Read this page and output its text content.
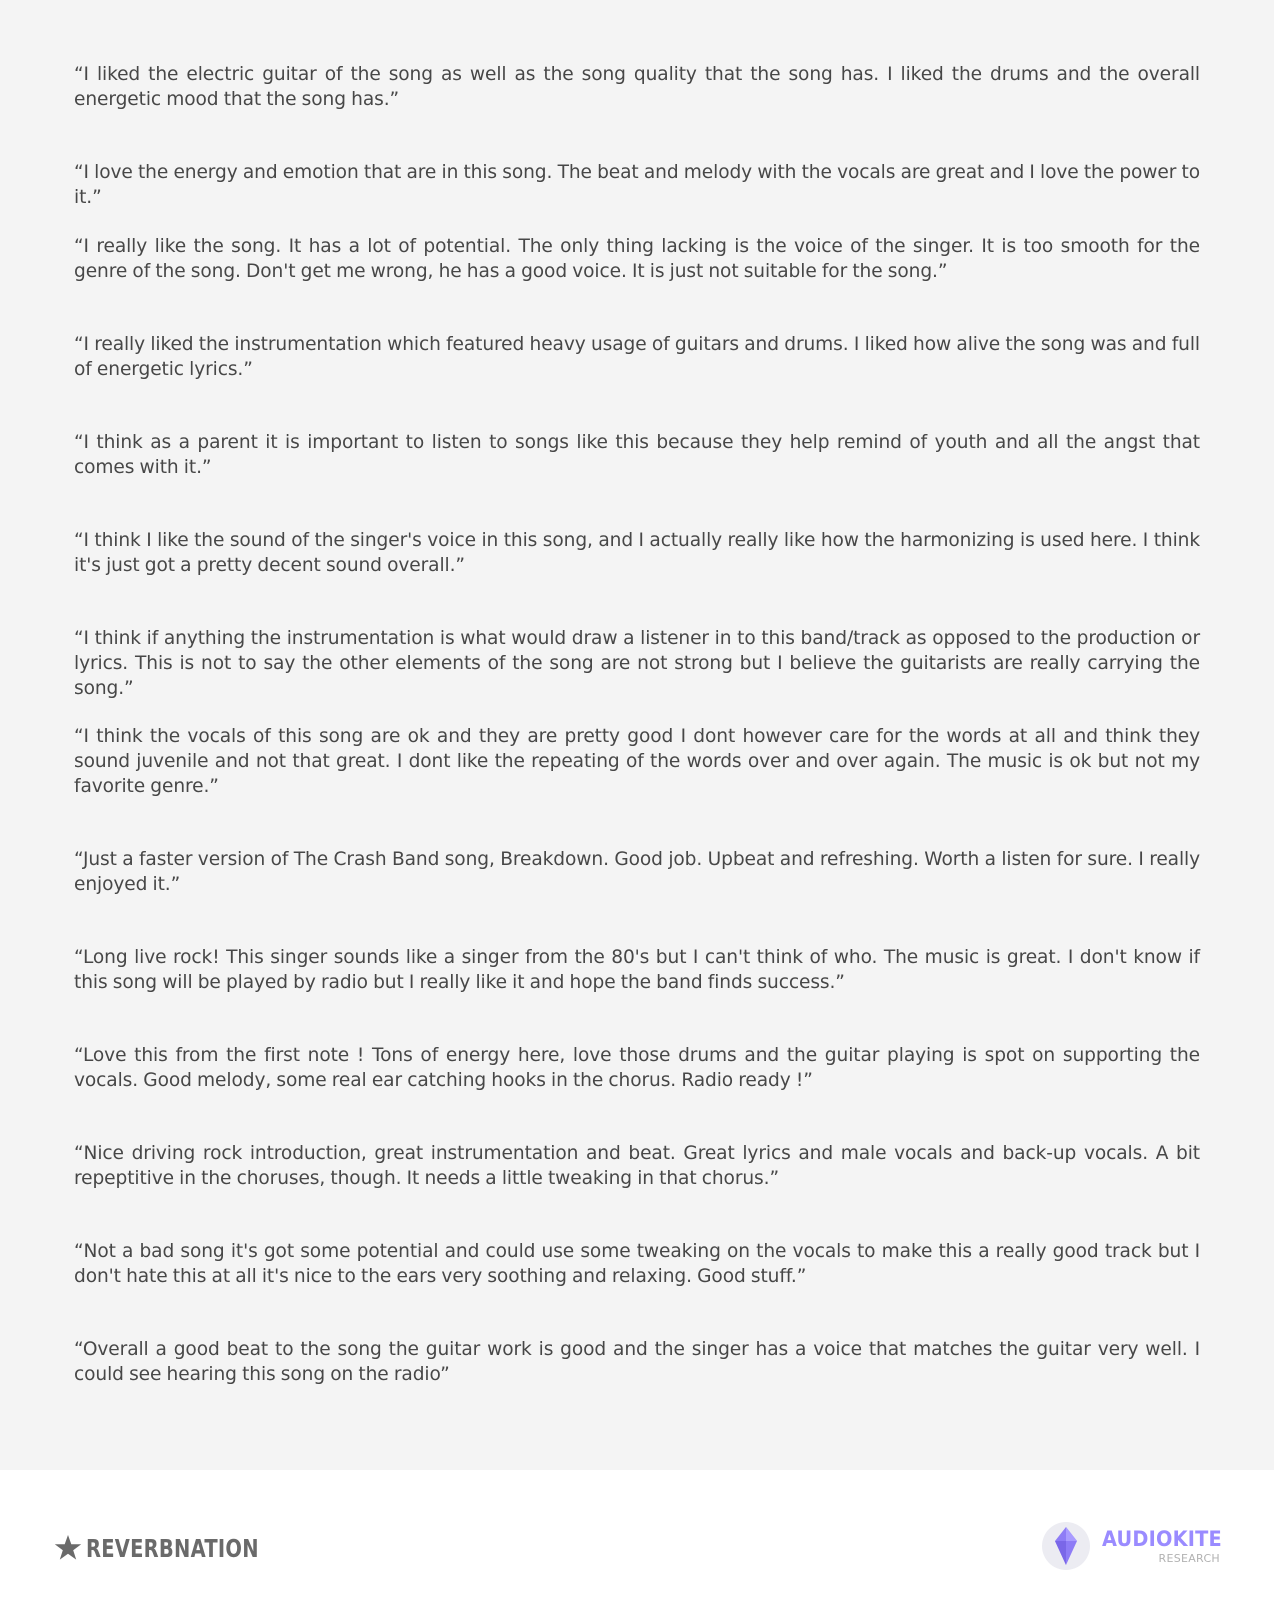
“I liked the electric guitar of the song as well as the song quality that the song has. I liked the drums and the overall energetic mood that the song has.”

“I love the energy and emotion that are in this song. The beat and melody with the vocals are great and I love the power to it.”

“I really like the song. It has a lot of potential. The only thing lacking is the voice of the singer. It is too smooth for the genre of the song. Don't get me wrong, he has a good voice. It is just not suitable for the song.”

“I really liked the instrumentation which featured heavy usage of guitars and drums. I liked how alive the song was and full of energetic lyrics.”

“I think as a parent it is important to listen to songs like this because they help remind of youth and all the angst that comes with it.”

“I think I like the sound of the singer's voice in this song, and I actually really like how the harmonizing is used here. I think it's just got a pretty decent sound overall.”

“I think if anything the instrumentation is what would draw a listener in to this band/track as opposed to the production or lyrics. This is not to say the other elements of the song are not strong but I believe the guitarists are really carrying the song.”

“I think the vocals of this song are ok and they are pretty good I dont however care for the words at all and think they sound juvenile and not that great. I dont like the repeating of the words over and over again. The music is ok but not my favorite genre.”

“Just a faster version of The Crash Band song, Breakdown. Good job. Upbeat and refreshing. Worth a listen for sure. I really enjoyed it.”

“Long live rock! This singer sounds like a singer from the 80's but I can't think of who. The music is great. I don't know if this song will be played by radio but I really like it and hope the band finds success.”

“Love this from the first note ! Tons of energy here, love those drums and the guitar playing is spot on supporting the vocals. Good melody, some real ear catching hooks in the chorus. Radio ready !”

“Nice driving rock introduction, great instrumentation and beat. Great lyrics and male vocals and back-up vocals. A bit repeptitive in the choruses, though. It needs a little tweaking in that chorus.”

“Not a bad song it's got some potential and could use some tweaking on the vocals to make this a really good track but I don't hate this at all it's nice to the ears very soothing and relaxing. Good stuff.”

“Overall a good beat to the song the guitar work is good and the singer has a voice that matches the guitar very well. I could see hearing this song on the radio”

REVERBNATION	AUDIOKITE
RESEARCH
